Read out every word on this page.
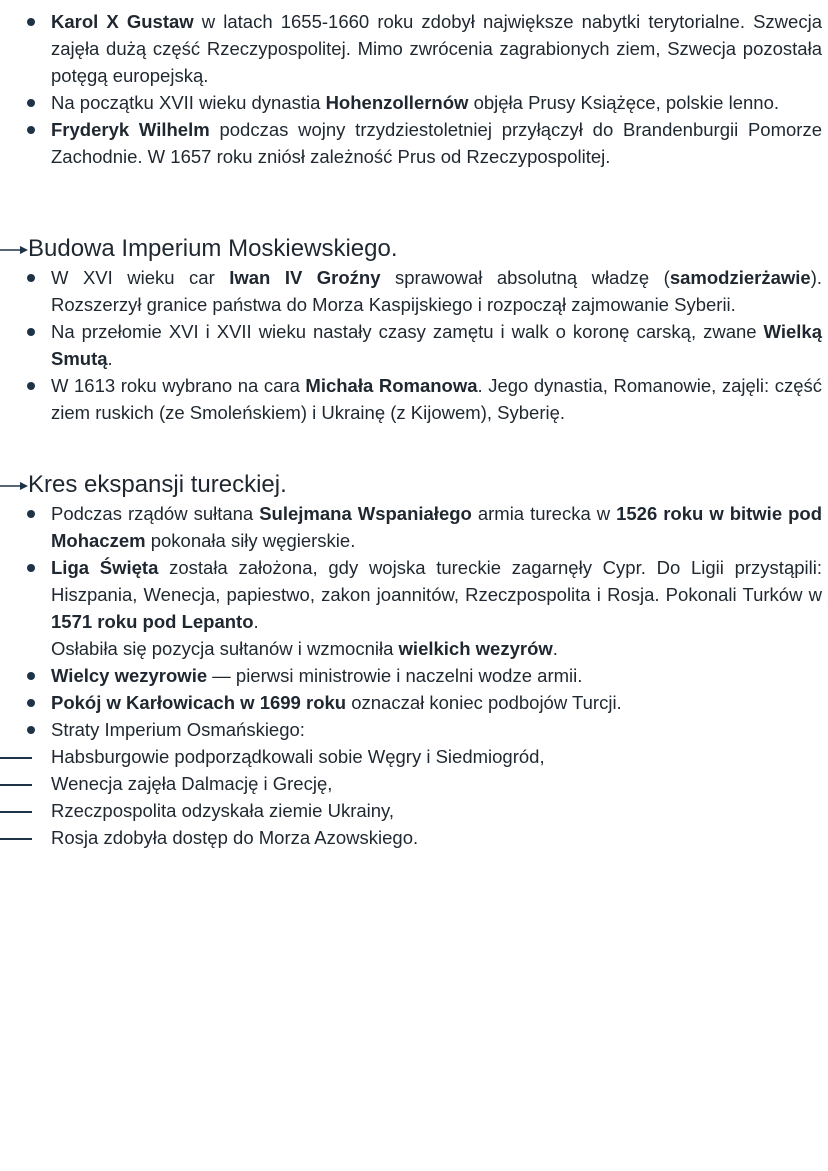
Karol X Gustaw w latach 1655-1660 roku zdobył największe nabytki terytorialne. Szwecja zajęła dużą część Rzeczypospolitej. Mimo zwrócenia zagrabionych ziem, Szwecja pozostała potęgą europejską.
Na początku XVII wieku dynastia Hohenzollernów objęła Prusy Książęce, polskie lenno.
Fryderyk Wilhelm podczas wojny trzydziestoletniej przyłączył do Brandenburgii Pomorze Zachodnie. W 1657 roku zniósł zależność Prus od Rzeczypospolitej.
Budowa Imperium Moskiewskiego.
W XVI wieku car Iwan IV Groźny sprawował absolutną władzę (samodzierżawie). Rozszerzył granice państwa do Morza Kaspijskiego i rozpoczął zajmowanie Syberii.
Na przełomie XVI i XVII wieku nastały czasy zamętu i walk o koronę carską, zwane Wielką Smutą.
W 1613 roku wybrano na cara Michała Romanowa. Jego dynastia, Romanowie, zajęli: część ziem ruskich (ze Smoleńskiem) i Ukrainę (z Kijowem), Syberię.
Kres ekspansji tureckiej.
Podczas rządów sułtana Sulejmana Wspaniałego armia turecka w 1526 roku w bitwie pod Mohaczem pokonała siły węgierskie.
Liga Święta została założona, gdy wojska tureckie zagarnęły Cypr. Do Ligii przystąpili: Hiszpania, Wenecja, papiestwo, zakon joannitów, Rzeczpospolita i Rosja. Pokonali Turków w 1571 roku pod Lepanto.
Osłabiła się pozycja sułtanów i wzmocniła wielkich wezyrów.
Wielcy wezyrowie — pierwsi ministrowie i naczelni wodze armii.
Pokój w Karłowicach w 1699 roku oznaczał koniec podbojów Turcji.
Straty Imperium Osmańskiego:
Habsburgowie podporządkowali sobie Węgry i Siedmiogród,
Wenecja zajęła Dalmację i Grecję,
Rzeczpospolita odzyskała ziemie Ukrainy,
Rosja zdobyła dostęp do Morza Azowskiego.
